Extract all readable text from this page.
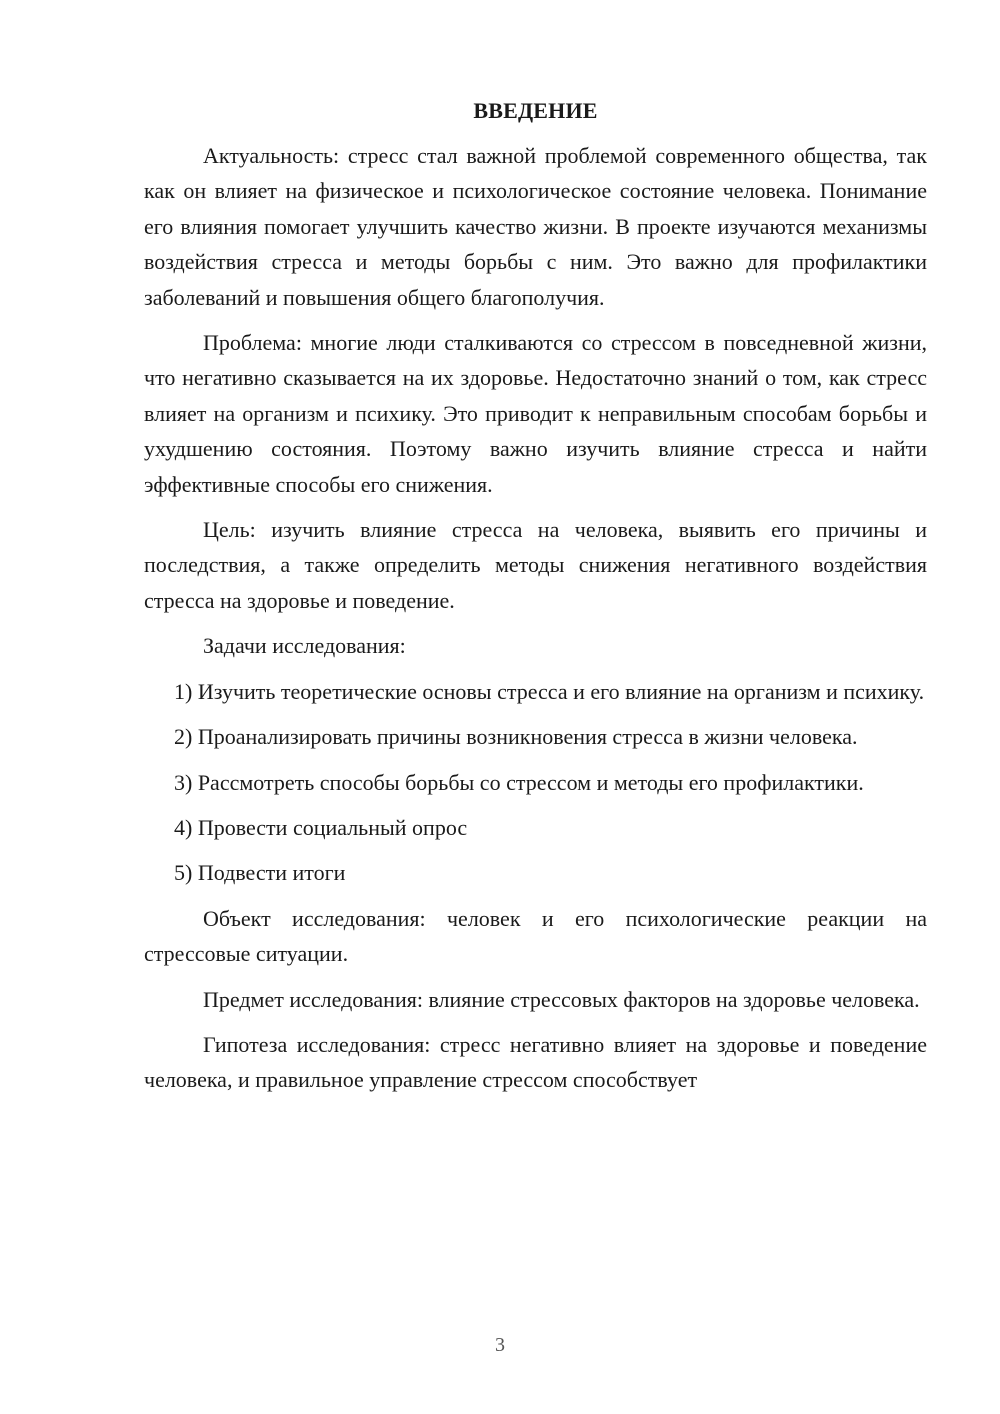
ВВЕДЕНИЕ

Актуальность: стресс стал важной проблемой современного общества, так как он влияет на физическое и психологическое состояние человека. Понимание его влияния помогает улучшить качество жизни. В проекте изучаются механизмы воздействия стресса и методы борьбы с ним. Это важно для профилактики заболеваний и повышения общего благополучия.

Проблема: многие люди сталкиваются со стрессом в повседневной жизни, что негативно сказывается на их здоровье. Недостаточно знаний о том, как стресс влияет на организм и психику. Это приводит к неправильным способам борьбы и ухудшению состояния. Поэтому важно изучить влияние стресса и найти эффективные способы его снижения.

Цель: изучить влияние стресса на человека, выявить его причины и последствия, а также определить методы снижения негативного воздействия стресса на здоровье и поведение.

Задачи исследования:

1) Изучить теоретические основы стресса и его влияние на организм и психику.

2) Проанализировать причины возникновения стресса в жизни человека.

3) Рассмотреть способы борьбы со стрессом и методы его профилактики.

4) Провести социальный опрос

5) Подвести итоги

Объект исследования: человек и его психологические реакции на стрессовые ситуации.

Предмет исследования: влияние стрессовых факторов на здоровье человека.

Гипотеза исследования: стресс негативно влияет на здоровье и поведение человека, и правильное управление стрессом способствует

3
